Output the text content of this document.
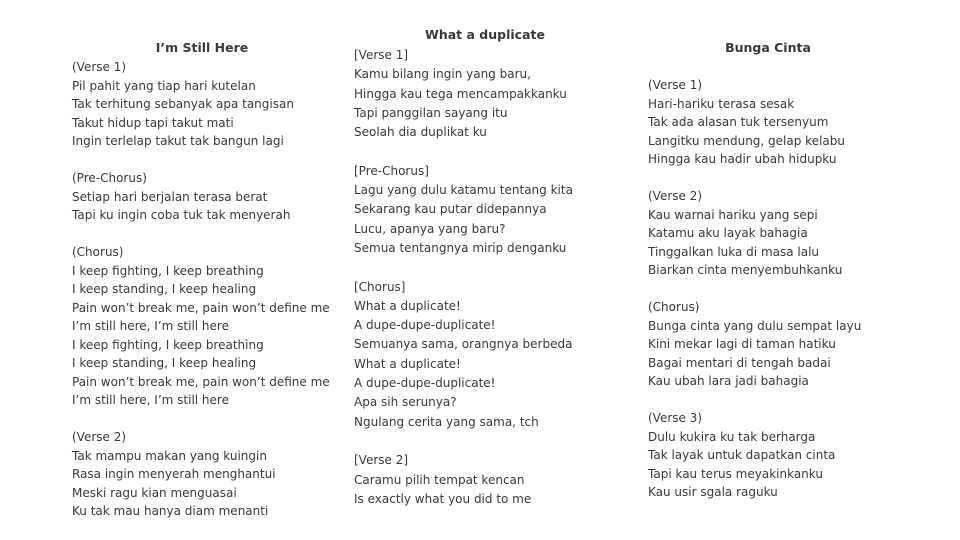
I’m Still Here
(Verse 1)
Pil pahit yang tiap hari kutelan
Tak terhitung sebanyak apa tangisan
Takut hidup tapi takut mati
Ingin terlelap takut tak bangun lagi
(Pre-Chorus)
Setiap hari berjalan terasa berat
Tapi ku ingin coba tuk tak menyerah
(Chorus)
I keep fighting, I keep breathing
I keep standing, I keep healing
Pain won’t break me, pain won’t define me
I’m still here, I’m still here
I keep fighting, I keep breathing
I keep standing, I keep healing
Pain won’t break me, pain won’t define me
I’m still here, I’m still here
(Verse 2)
Tak mampu makan yang kuingin
Rasa ingin menyerah menghantui
Meski ragu kian menguasai
Ku tak mau hanya diam menanti
What a duplicate
[Verse 1]
Kamu bilang ingin yang baru,
Hingga kau tega mencampakkanku
Tapi panggilan sayang itu
Seolah dia duplikat ku
[Pre-Chorus]
Lagu yang dulu katamu tentang kita
Sekarang kau putar didepannya
Lucu, apanya yang baru?
Semua tentangnya mirip denganku
[Chorus]
What a duplicate!
A dupe-dupe-duplicate!
Semuanya sama, orangnya berbeda
What a duplicate!
A dupe-dupe-duplicate!
Apa sih serunya?
Ngulang cerita yang sama, tch
[Verse 2]
Caramu pilih tempat kencan
Is exactly what you did to me
Bunga Cinta
(Verse 1)
Hari-hariku terasa sesak
Tak ada alasan tuk tersenyum
Langitku mendung, gelap kelabu
Hingga kau hadir ubah hidupku
(Verse 2)
Kau warnai hariku yang sepi
Katamu aku layak bahagia
Tinggalkan luka di masa lalu
Biarkan cinta menyembuhkanku
(Chorus)
Bunga cinta yang dulu sempat layu
Kini mekar lagi di taman hatiku
Bagai mentari di tengah badai
Kau ubah lara jadi bahagia
(Verse 3)
Dulu kukira ku tak berharga
Tak layak untuk dapatkan cinta
Tapi kau terus meyakinkanku
Kau usir sgala raguku
